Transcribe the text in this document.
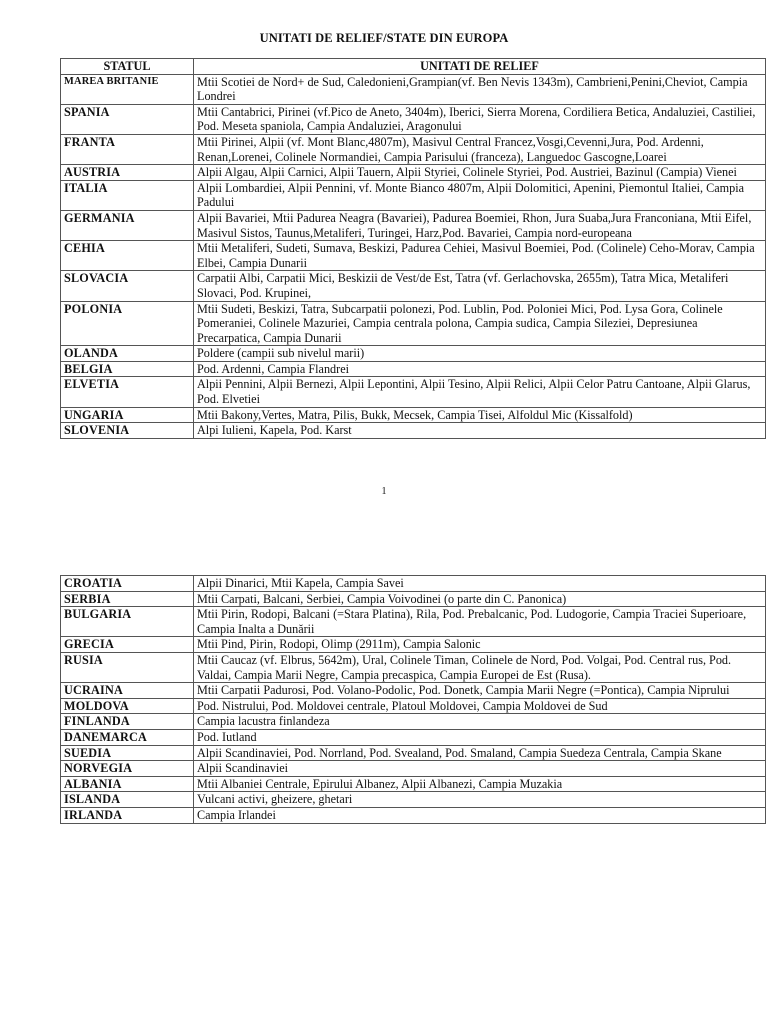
UNITATI DE RELIEF/STATE DIN EUROPA
STATUL	UNITATI DE RELIEF
MAREA BRITANIE	Mtii Scotiei de Nord+ de Sud, Caledonieni,Grampian(vf. Ben Nevis 1343m), Cambrieni,Penini,Cheviot, Campia Londrei
SPANIA	Mtii Cantabrici, Pirinei (vf.Pico de Aneto, 3404m), Iberici, Sierra Morena, Cordiliera Betica, Andaluziei, Castiliei, Pod. Meseta spaniola, Campia Andaluziei, Aragonului
FRANTA	Mtii Pirinei, Alpii (vf. Mont Blanc,4807m), Masivul Central Francez,Vosgi,Cevenni,Jura, Pod. Ardenni, Renan,Lorenei, Colinele Normandiei, Campia Parisului (franceza), Languedoc Gascogne,Loarei
AUSTRIA	Alpii Algau, Alpii Carnici, Alpii Tauern, Alpii Styriei, Colinele Styriei, Pod. Austriei, Bazinul (Campia) Vienei
ITALIA	Alpii Lombardiei, Alpii Pennini, vf. Monte Bianco 4807m, Alpii Dolomitici, Apenini, Piemontul Italiei, Campia Padului
GERMANIA	Alpii Bavariei, Mtii Padurea Neagra (Bavariei), Padurea Boemiei, Rhon, Jura Suaba,Jura Franconiana, Mtii Eifel, Masivul Sistos, Taunus,Metaliferi, Turingei, Harz,Pod. Bavariei, Campia nord-europeana
CEHIA	Mtii Metaliferi, Sudeti, Sumava, Beskizi, Padurea Cehiei, Masivul Boemiei, Pod. (Colinele) Ceho-Morav, Campia Elbei, Campia Dunarii
SLOVACIA	Carpatii Albi, Carpatii Mici, Beskizii de Vest/de Est, Tatra (vf. Gerlachovska, 2655m), Tatra Mica, Metaliferi Slovaci, Pod. Krupinei,
POLONIA	Mtii Sudeti, Beskizi, Tatra, Subcarpatii polonezi, Pod. Lublin, Pod. Poloniei Mici, Pod. Lysa Gora, Colinele Pomeraniei, Colinele Mazuriei, Campia centrala polona, Campia sudica, Campia Sileziei, Depresiunea Precarpatica, Campia Dunarii
OLANDA	Poldere (campii sub nivelul marii)
BELGIA	Pod. Ardenni, Campia Flandrei
ELVETIA	Alpii Pennini, Alpii Bernezi, Alpii Lepontini, Alpii Tesino, Alpii Relici, Alpii Celor Patru Cantoane, Alpii Glarus, Pod. Elvetiei
UNGARIA	Mtii Bakony,Vertes, Matra, Pilis, Bukk, Mecsek, Campia Tisei, Alfoldul Mic (Kissalfold)
SLOVENIA	Alpi Iulieni, Kapela, Pod. Karst
1
CROATIA	Alpii Dinarici, Mtii Kapela, Campia Savei
SERBIA	Mtii Carpati, Balcani, Serbiei, Campia Voivodinei (o parte din C. Panonica)
BULGARIA	Mtii Pirin, Rodopi, Balcani (=Stara Platina), Rila, Pod. Prebalcanic, Pod. Ludogorie, Campia Traciei Superioare, Campia Inalta a Dunării
GRECIA	Mtii Pind, Pirin, Rodopi, Olimp (2911m), Campia Salonic
RUSIA	Mtii Caucaz (vf. Elbrus, 5642m), Ural, Colinele Timan, Colinele de Nord, Pod. Volgai, Pod. Central rus, Pod. Valdai, Campia Marii Negre, Campia precaspica, Campia Europei de Est (Rusa).
UCRAINA	Mtii Carpatii Padurosi, Pod. Volano-Podolic, Pod. Donetk, Campia Marii Negre (=Pontica), Campia Niprului
MOLDOVA	Pod. Nistrului, Pod. Moldovei centrale, Platoul Moldovei, Campia Moldovei de Sud
FINLANDA	Campia lacustra finlandeza
DANEMARCA	Pod. Iutland
SUEDIA	Alpii Scandinaviei, Pod. Norrland, Pod. Svealand, Pod. Smaland, Campia Suedeza Centrala, Campia Skane
NORVEGIA	Alpii Scandinaviei
ALBANIA	Mtii Albaniei Centrale, Epirului Albanez, Alpii Albanezi, Campia Muzakia
ISLANDA	Vulcani activi, gheizere, ghetari
IRLANDA	Campia Irlandei
